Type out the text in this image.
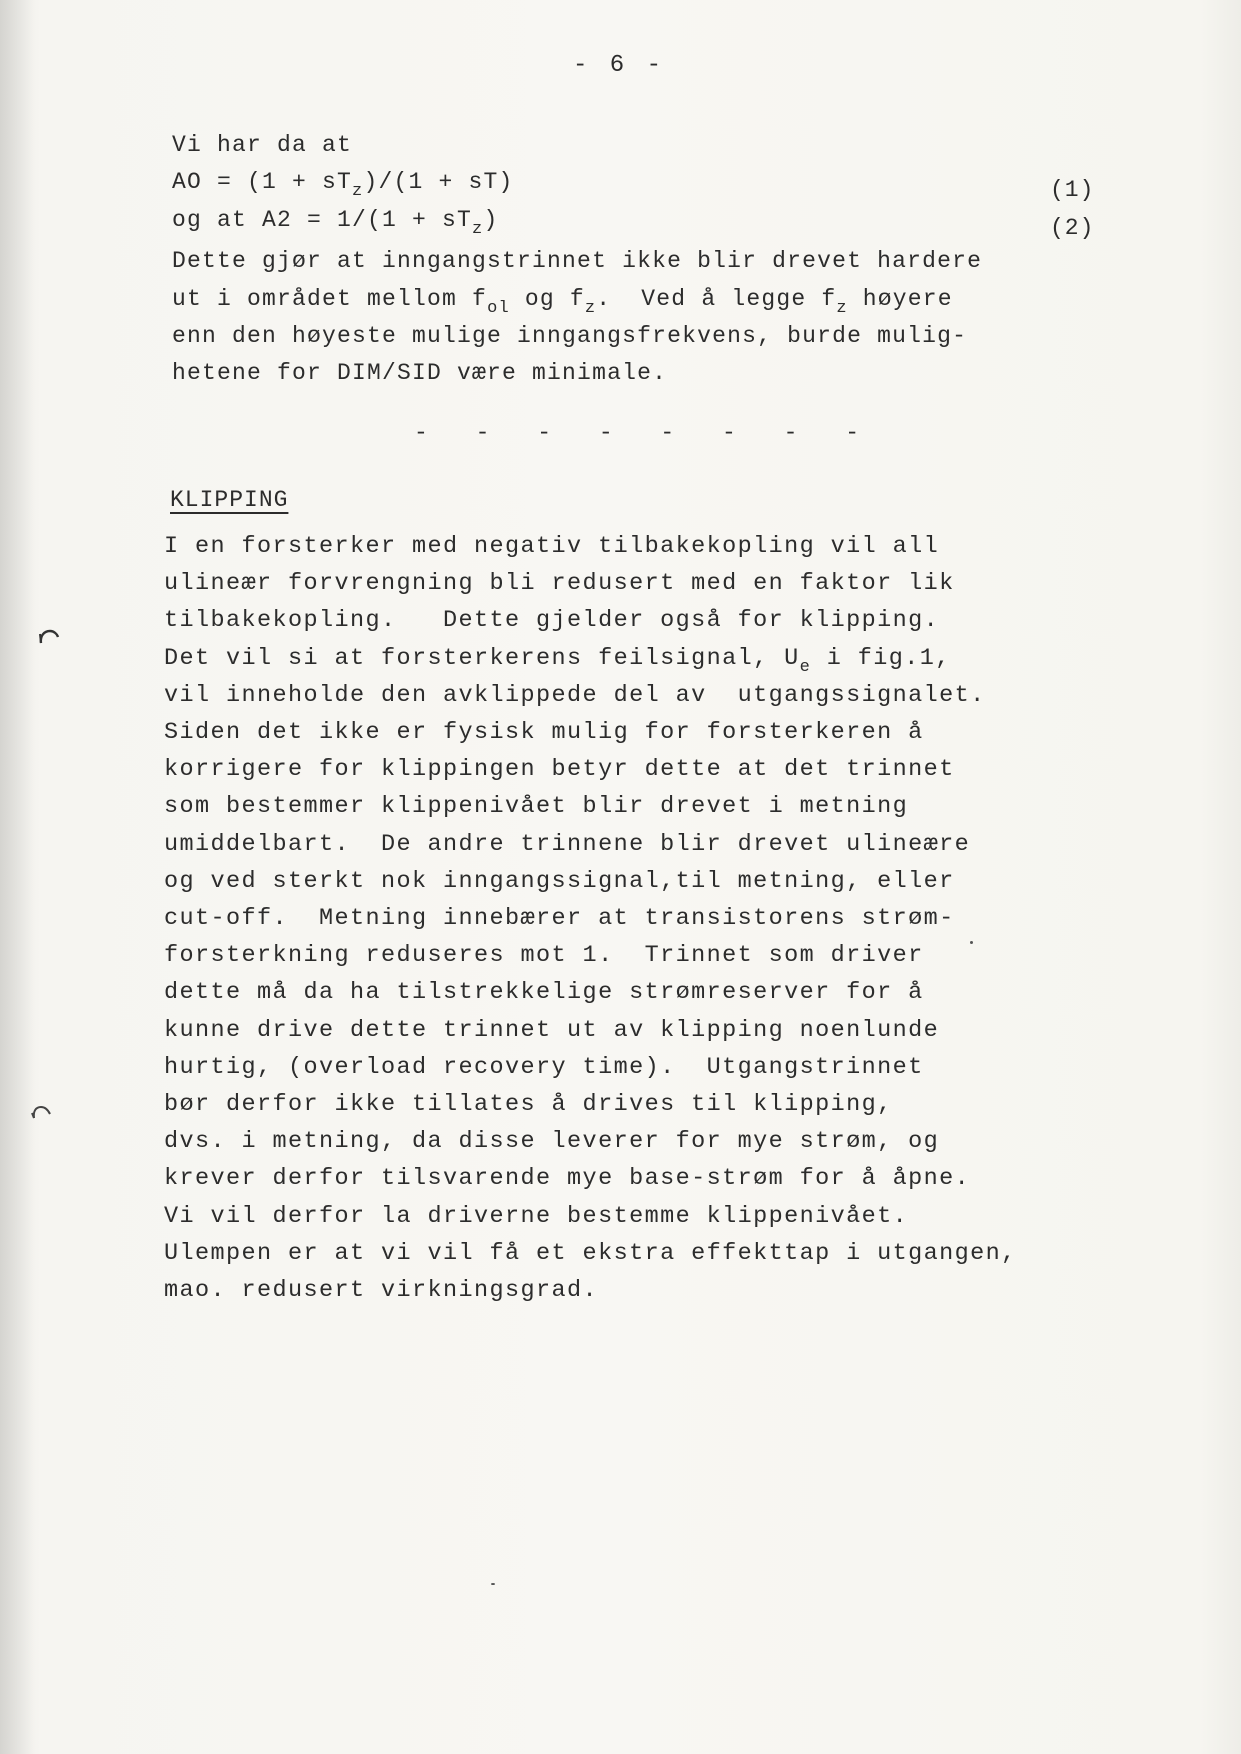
- 6 -
Vi har da at
AO = $(1 + sT_z)/(1 + sT)$	(1)
og at $A2 = 1/(1 + sT_z)$	(2)
Dette gjør at inngangstrinnet ikke blir drevet hardere
ut i området mellom $f_{ol}$ og $f_z$.  Ved å legge $f_z$ høyere
enn den høyeste mulige inngangsfrekvens, burde mulig-
hetene for DIM/SID være minimale.
- - - - - - - -
KLIPPING
I en forsterker med negativ tilbakekopling vil all
ulineær forvrengning bli redusert med en faktor lik
tilbakekopling.   Dette gjelder også for klipping.
Det vil si at forsterkerens feilsignal, $U_e$ i fig.1,
vil inneholde den avklippede del av  utgangssignalet.
Siden det ikke er fysisk mulig for forsterkeren å
korrigere for klippingen betyr dette at det trinnet
som bestemmer klippenivået blir drevet i metning
umiddelbart.  De andre trinnene blir drevet ulineære
og ved sterkt nok inngangssignal,til metning, eller
cut-off.  Metning innebærer at transistorens strøm-
forsterkning reduseres mot 1.  Trinnet som driver
dette må da ha tilstrekkelige strømreserver for å
kunne drive dette trinnet ut av klipping noenlunde
hurtig, (overload recovery time).  Utgangstrinnet
bør derfor ikke tillates å drives til klipping,
dvs. i metning, da disse leverer for mye strøm, og
krever derfor tilsvarende mye base-strøm for å åpne.
Vi vil derfor la driverne bestemme klippenivået.
Ulempen er at vi vil få et ekstra effekttap i utgangen,
mao. redusert virkningsgrad.
